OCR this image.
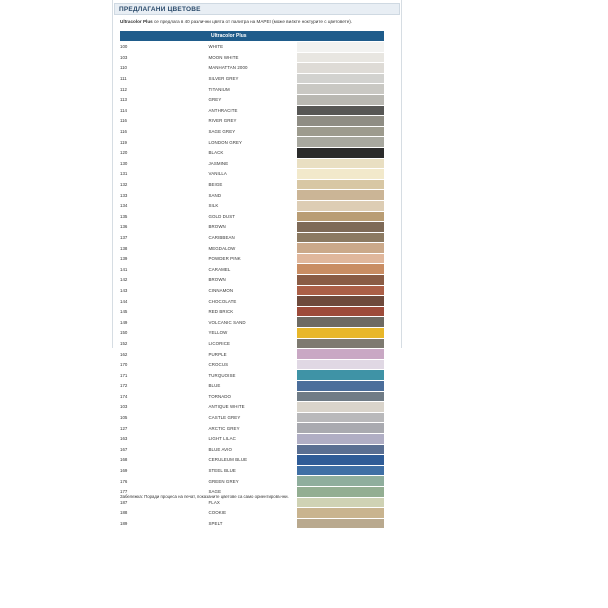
ПРЕДЛАГАНИ ЦВЕТОВЕ
Ultracolor Plus се предлага в 40 различни цвята от палитра на MAPEI (може ви4кте ноктурите с цветовете).
	Ultracolor Plus	
100	WHITE	
103	MOON WHITE	
110	MANHATTAN 2000	
111	SILVER GREY	
112	TITANIUM	
113	GREY	
114	ANTHRACITE	
116	RIVER GREY	
116	SAGE GREY	
119	LONDON GREY	
120	BLACK	
130	JASMINE	
131	VANILLA	
132	BEIGE	
133	SAND	
134	SILK	
135	GOLD DUST	
136	BROWN	
137	CARIBBEAN	
138	MEGDALOW	
139	POWDER PINK	
141	CARAMEL	
142	BROWN	
143	CINNAMON	
144	CHOCOLATE	
145	RED BRICK	
149	VOLCANIC SAND	
150	YELLOW	
152	LICORICE	
162	PURPLE	
170	CROCUS	
171	TURQUOISE	
172	BLUE	
174	TORNADO	
103	ANTIQUE WHITE	
105	CASTLE GREY	
127	ARCTIC GREY	
163	LIGHT LILAC	
167	BLUE AVIO	
168	CERULEUM BLUE	
169	STEEL BLUE	
176	GREEN GREY	
177	SAGE	
187	FLAX	
188	COOKIE	
189	SPELT	
Забележка: Поради процеса на печат, показаните цветове са само ориентировъчни.
